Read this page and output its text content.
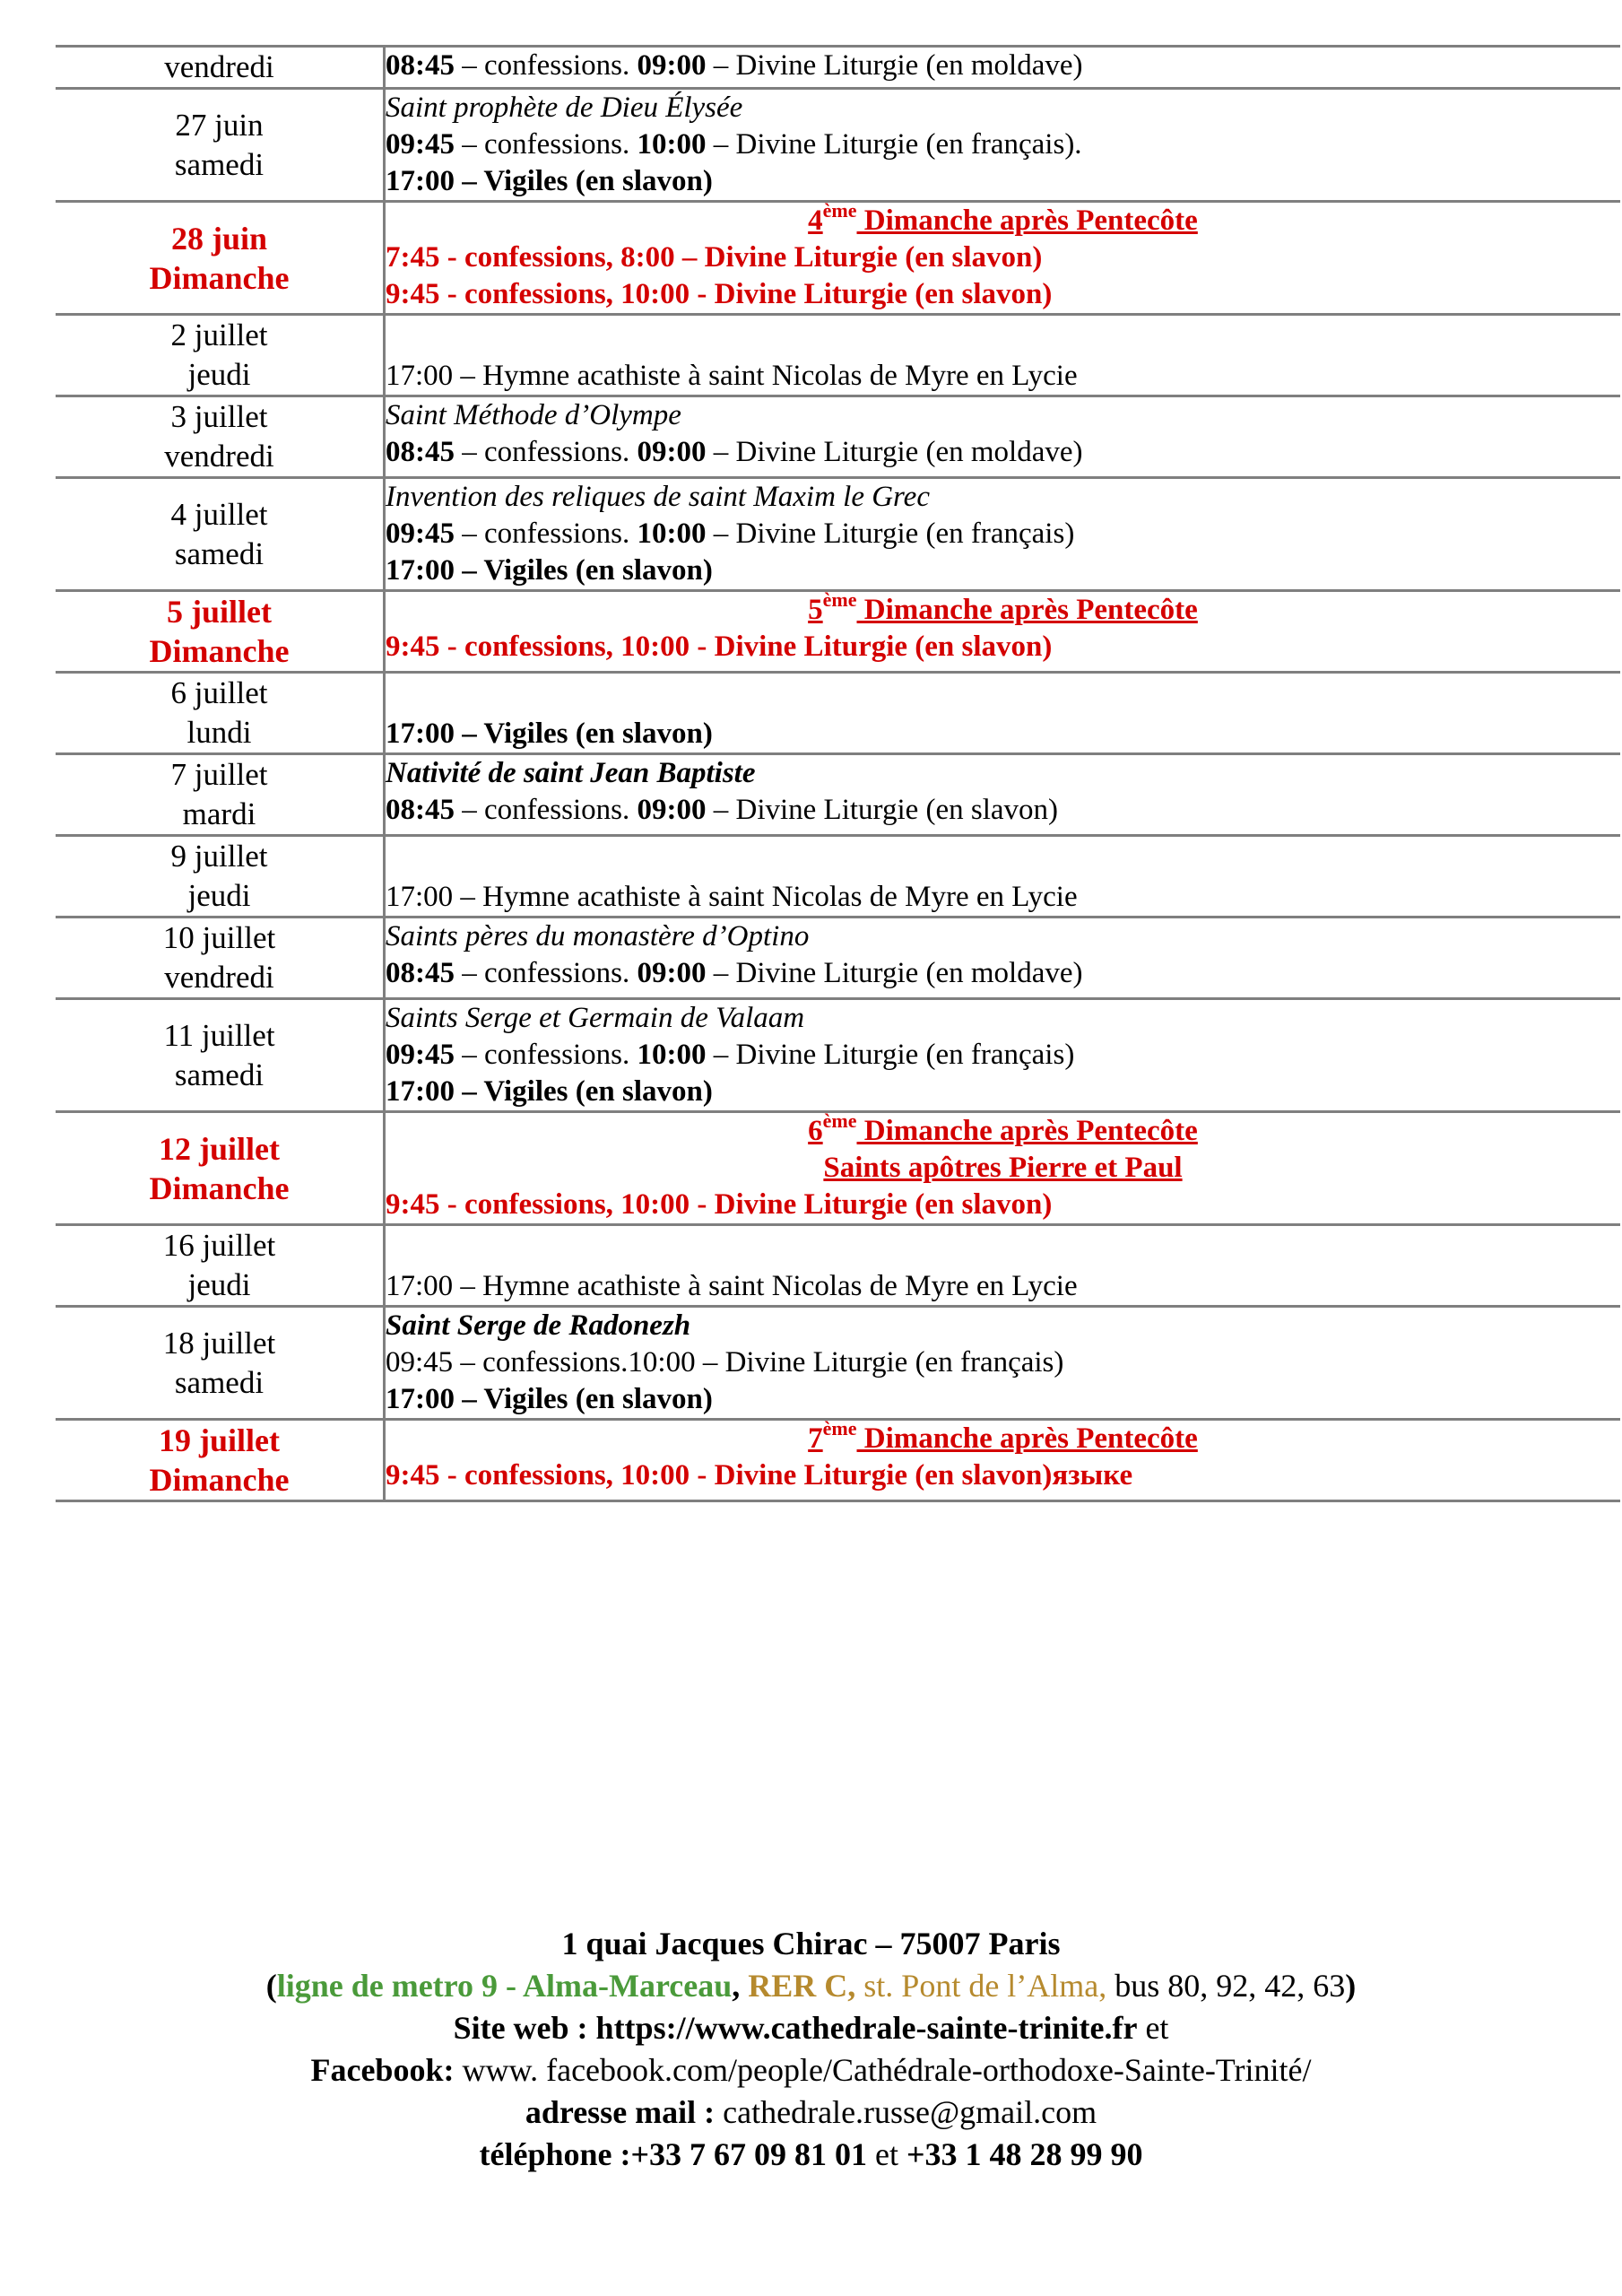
vendredi	08:45 – confessions. 09:00 – Divine Liturgie (en moldave)

27 juin
samedi	Saint prophète de Dieu Élysée
09:45 – confessions. 10:00 – Divine Liturgie (en français).
17:00 – Vigiles (en slavon)

28 juin
Dimanche	4ème Dimanche après Pentecôte
7:45 - confessions, 8:00 – Divine Liturgie (en slavon)
9:45 - confessions, 10:00 - Divine Liturgie (en slavon)

2 juillet
jeudi	17:00 – Hymne acathiste à saint Nicolas de Myre en Lycie

3 juillet
vendredi	Saint Méthode d’Olympe
08:45 – confessions. 09:00 – Divine Liturgie (en moldave)

4 juillet
samedi	Invention des reliques de saint Maxim le Grec
09:45 – confessions. 10:00 – Divine Liturgie (en français)
17:00 – Vigiles (en slavon)

5 juillet
Dimanche	5ème Dimanche après Pentecôte
9:45 - confessions, 10:00 - Divine Liturgie (en slavon)

6 juillet
lundi	17:00 – Vigiles (en slavon)

7 juillet
mardi	Nativité de saint Jean Baptiste
08:45 – confessions. 09:00 – Divine Liturgie (en slavon)

9 juillet
jeudi	17:00 – Hymne acathiste à saint Nicolas de Myre en Lycie

10 juillet
vendredi	Saints pères du monastère d’Optino
08:45 – confessions. 09:00 – Divine Liturgie (en moldave)

11 juillet
samedi	Saints Serge et Germain de Valaam
09:45 – confessions. 10:00 – Divine Liturgie (en français)
17:00 – Vigiles (en slavon)

12 juillet
Dimanche	6ème Dimanche après Pentecôte
Saints apôtres Pierre et Paul
9:45 - confessions, 10:00 - Divine Liturgie (en slavon)

16 juillet
jeudi	17:00 – Hymne acathiste à saint Nicolas de Myre en Lycie

18 juillet
samedi	Saint Serge de Radonezh
09:45 – confessions.10:00 – Divine Liturgie (en français)
17:00 – Vigiles (en slavon)

19 juillet
Dimanche	7ème Dimanche après Pentecôte
9:45 - confessions, 10:00 - Divine Liturgie (en slavon)языке
1 quai Jacques Chirac – 75007 Paris
(ligne de metro 9 - Alma-Marceau, RER C, st. Pont de l’Alma, bus 80, 92, 42, 63)
Site web : https://www.cathedrale-sainte-trinite.fr et
Facebook: www. facebook.com/people/Cathédrale-orthodoxe-Sainte-Trinité/
adresse mail : cathedrale.russe@gmail.com
téléphone :+33 7 67 09 81 01 et +33 1 48 28 99 90
